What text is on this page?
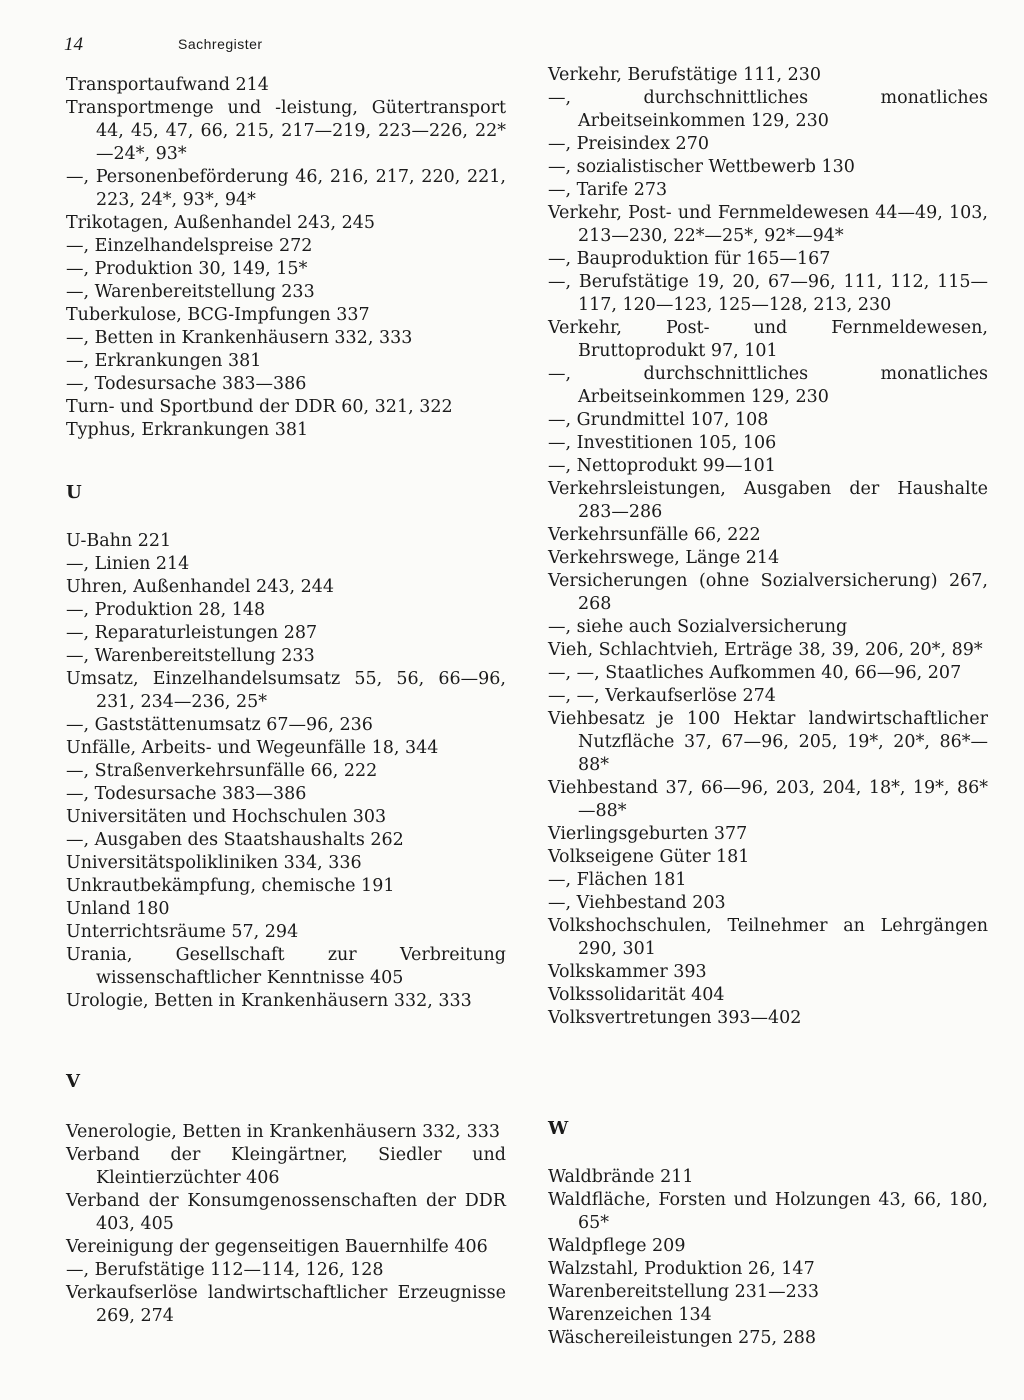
14	Sachregister
Transportaufwand 214
Transportmenge und -leistung, Gütertransport 44, 45, 47, 66, 215, 217—219, 223—226, 22*—24*, 93*
—, Personenbeförderung 46, 216, 217, 220, 221, 223, 24*, 93*, 94*
Trikotagen, Außenhandel 243, 245
—, Einzelhandelspreise 272
—, Produktion 30, 149, 15*
—, Warenbereitstellung 233
Tuberkulose, BCG-Impfungen 337
—, Betten in Krankenhäusern 332, 333
—, Erkrankungen 381
—, Todesursache 383—386
Turn- und Sportbund der DDR 60, 321, 322
Typhus, Erkrankungen 381
U
U-Bahn 221
—, Linien 214
Uhren, Außenhandel 243, 244
—, Produktion 28, 148
—, Reparaturleistungen 287
—, Warenbereitstellung 233
Umsatz, Einzelhandelsumsatz 55, 56, 66—96, 231, 234—236, 25*
—, Gaststättenumsatz 67—96, 236
Unfälle, Arbeits- und Wegeunfälle 18, 344
—, Straßenverkehrsunfälle 66, 222
—, Todesursache 383—386
Universitäten und Hochschulen 303
—, Ausgaben des Staatshaushalts 262
Universitätspolikliniken 334, 336
Unkrautbekämpfung, chemische 191
Unland 180
Unterrichtsräume 57, 294
Urania, Gesellschaft zur Verbreitung wissenschaftlicher Kenntnisse 405
Urologie, Betten in Krankenhäusern 332, 333
V
Venerologie, Betten in Krankenhäusern 332, 333
Verband der Kleingärtner, Siedler und Kleintierzüchter 406
Verband der Konsumgenossenschaften der DDR 403, 405
Vereinigung der gegenseitigen Bauernhilfe 406
—, Berufstätige 112—114, 126, 128
Verkaufserlöse landwirtschaftlicher Erzeugnisse 269, 274
Verkehr, Berufstätige 111, 230
—, durchschnittliches monatliches Arbeitseinkommen 129, 230
—, Preisindex 270
—, sozialistischer Wettbewerb 130
—, Tarife 273
Verkehr, Post- und Fernmeldewesen 44—49, 103, 213—230, 22*—25*, 92*—94*
—, Bauproduktion für 165—167
—, Berufstätige 19, 20, 67—96, 111, 112, 115—117, 120—123, 125—128, 213, 230
Verkehr, Post- und Fernmeldewesen, Bruttoprodukt 97, 101
—, durchschnittliches monatliches Arbeitseinkommen 129, 230
—, Grundmittel 107, 108
—, Investitionen 105, 106
—, Nettoprodukt 99—101
Verkehrsleistungen, Ausgaben der Haushalte 283—286
Verkehrsunfälle 66, 222
Verkehrswege, Länge 214
Versicherungen (ohne Sozialversicherung) 267, 268
—, siehe auch Sozialversicherung
Vieh, Schlachtvieh, Erträge 38, 39, 206, 20*, 89*
—, —, Staatliches Aufkommen 40, 66—96, 207
—, —, Verkaufserlöse 274
Viehbesatz je 100 Hektar landwirtschaftlicher Nutzfläche 37, 67—96, 205, 19*, 20*, 86*—88*
Viehbestand 37, 66—96, 203, 204, 18*, 19*, 86*—88*
Vierlingsgeburten 377
Volkseigene Güter 181
—, Flächen 181
—, Viehbestand 203
Volkshochschulen, Teilnehmer an Lehrgängen 290, 301
Volkskammer 393
Volkssolidarität 404
Volksvertretungen 393—402
W
Waldbrände 211
Waldfläche, Forsten und Holzungen 43, 66, 180, 65*
Waldpflege 209
Walzstahl, Produktion 26, 147
Warenbereitstellung 231—233
Warenzeichen 134
Wäschereileistungen 275, 288
